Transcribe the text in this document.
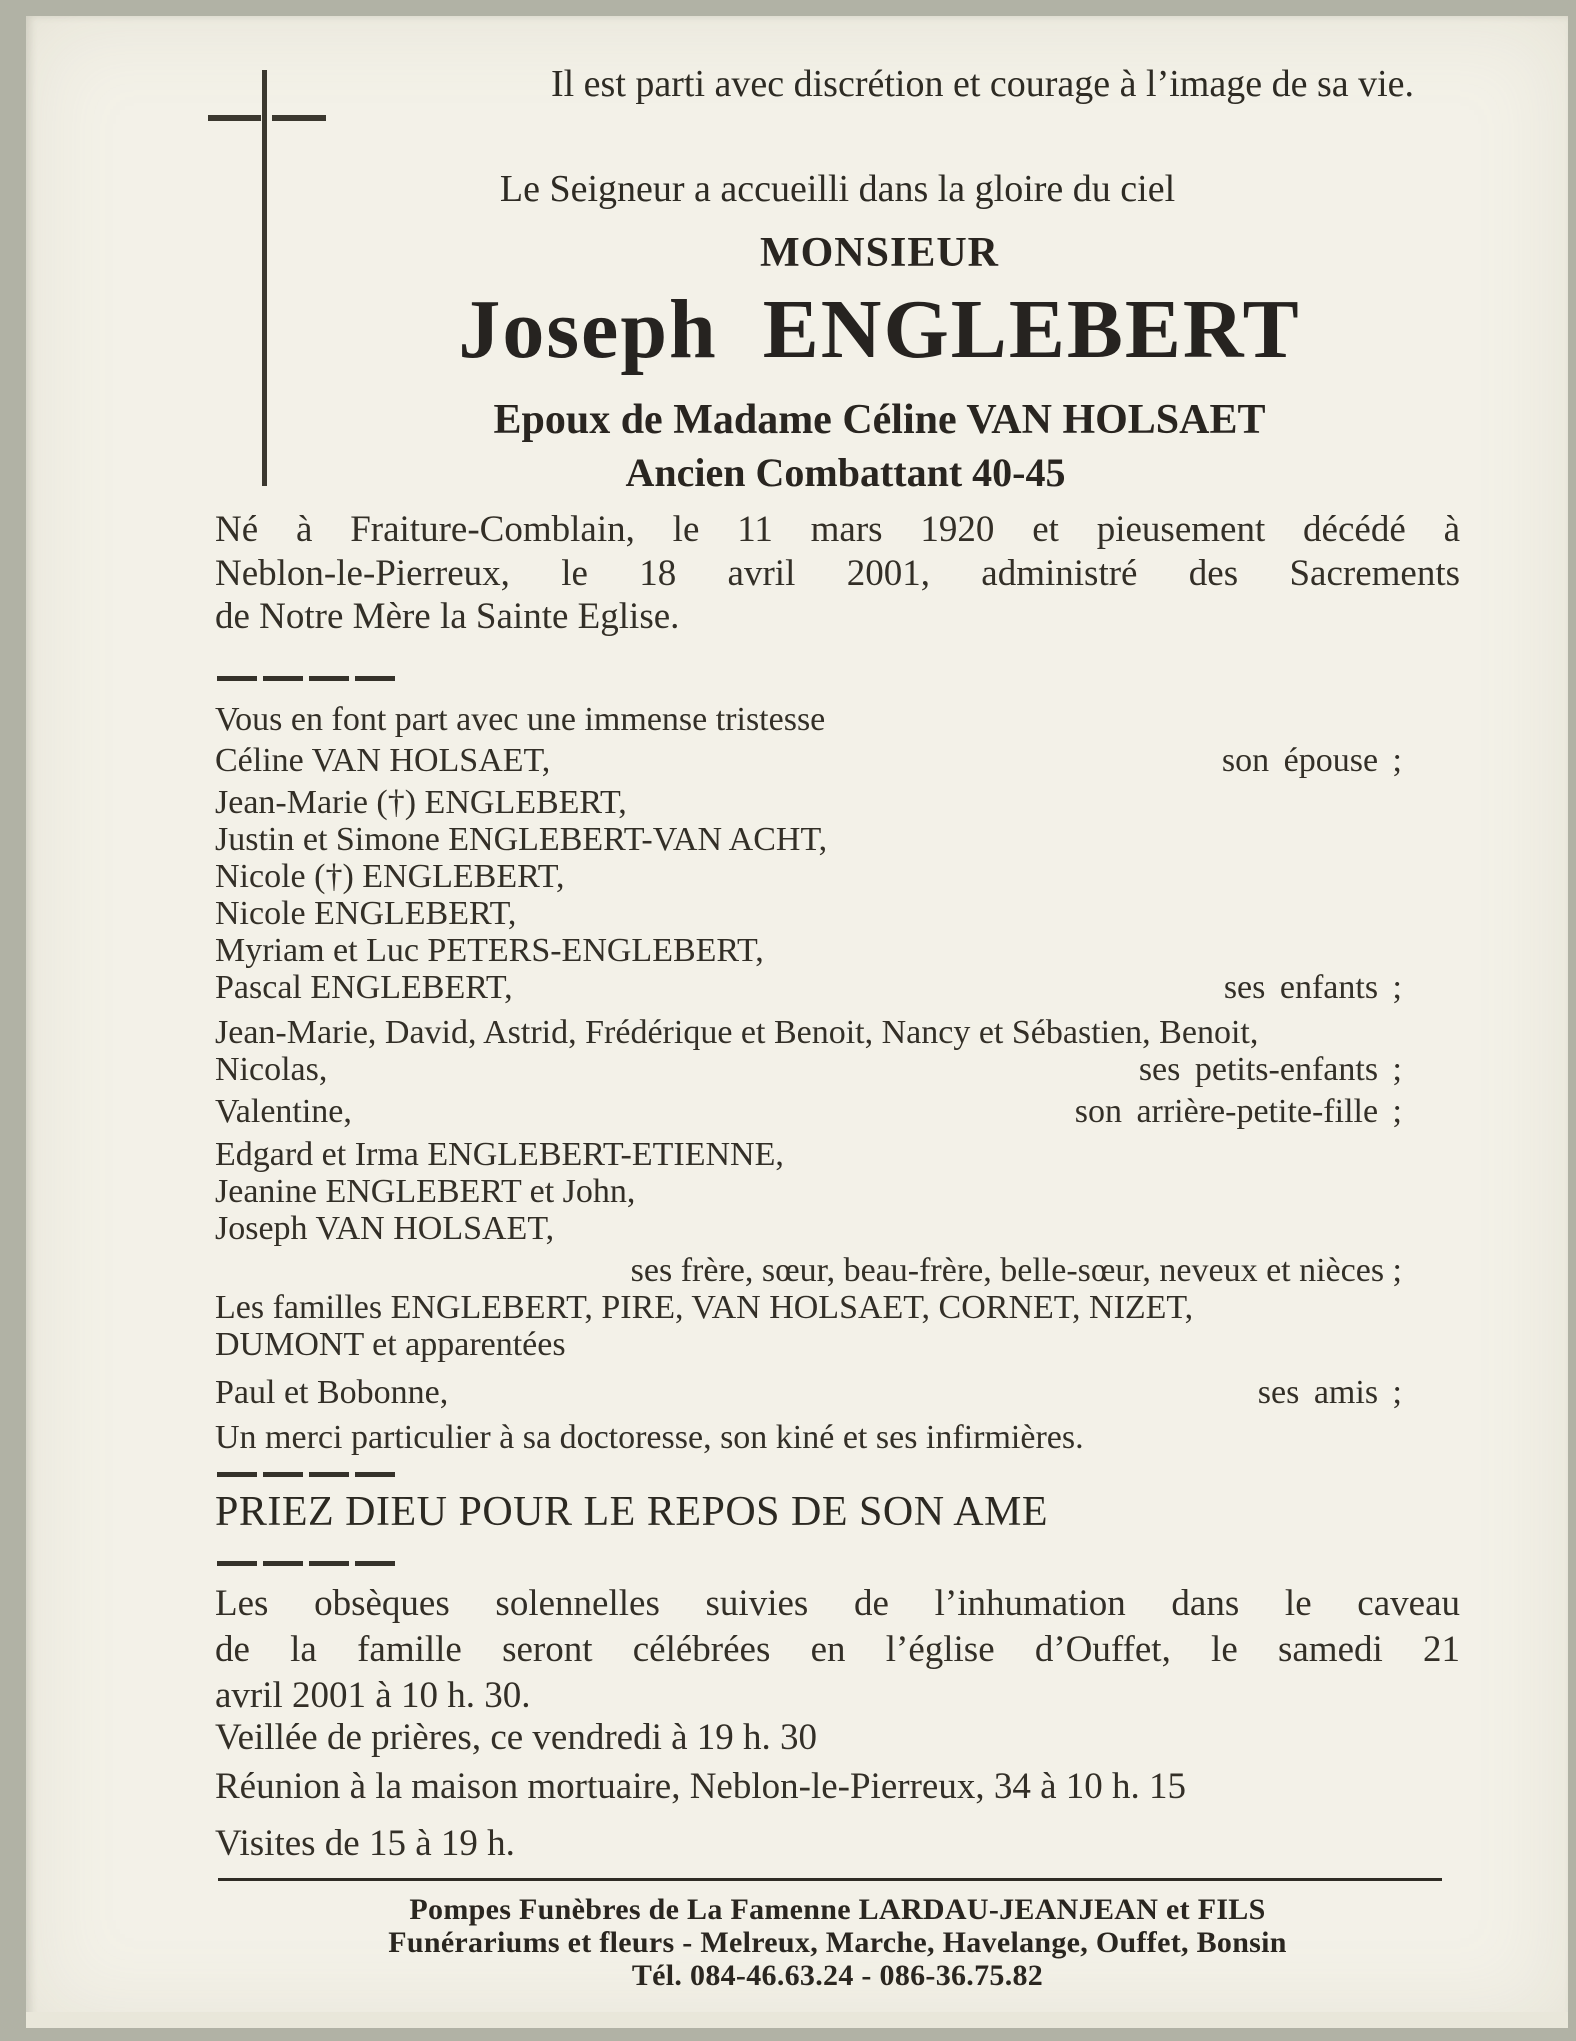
Il est parti avec discrétion et courage à l’image de sa vie.
Le Seigneur a accueilli dans la gloire du ciel
MONSIEUR
Joseph ENGLEBERT
Epoux de Madame Céline VAN HOLSAET
Ancien Combattant 40-45
Né à Fraiture-Comblain, le 11 mars 1920 et pieusement décédé à
Neblon-le-Pierreux, le 18 avril 2001, administré des Sacrements
de Notre Mère la Sainte Eglise.
Vous en font part avec une immense tristesse
Céline VAN HOLSAET,	son épouse ;
Jean-Marie (†) ENGLEBERT,
Justin et Simone ENGLEBERT-VAN ACHT,
Nicole (†) ENGLEBERT,
Nicole ENGLEBERT,
Myriam et Luc PETERS-ENGLEBERT,
Pascal ENGLEBERT,	ses enfants ;
Jean-Marie, David, Astrid, Frédérique et Benoit, Nancy et Sébastien, Benoit,
Nicolas,	ses petits-enfants ;
Valentine,	son arrière-petite-fille ;
Edgard et Irma ENGLEBERT-ETIENNE,
Jeanine ENGLEBERT et John,
Joseph VAN HOLSAET,
ses frère, sœur, beau-frère, belle-sœur, neveux et nièces ;
Les familles ENGLEBERT, PIRE, VAN HOLSAET, CORNET, NIZET,
DUMONT et apparentées
Paul et Bobonne,	ses amis ;
Un merci particulier à sa doctoresse, son kiné et ses infirmières.
PRIEZ DIEU POUR LE REPOS DE SON AME
Les obsèques solennelles suivies de l’inhumation dans le caveau
de la famille seront célébrées en l’église d’Ouffet, le samedi 21
avril 2001 à 10 h. 30.
Veillée de prières, ce vendredi à 19 h. 30
Réunion à la maison mortuaire, Neblon-le-Pierreux, 34 à 10 h. 15
Visites de 15 à 19 h.
Pompes Funèbres de La Famenne LARDAU-JEANJEAN et FILS
Funérariums et fleurs - Melreux, Marche, Havelange, Ouffet, Bonsin
Tél. 084-46.63.24 - 086-36.75.82
